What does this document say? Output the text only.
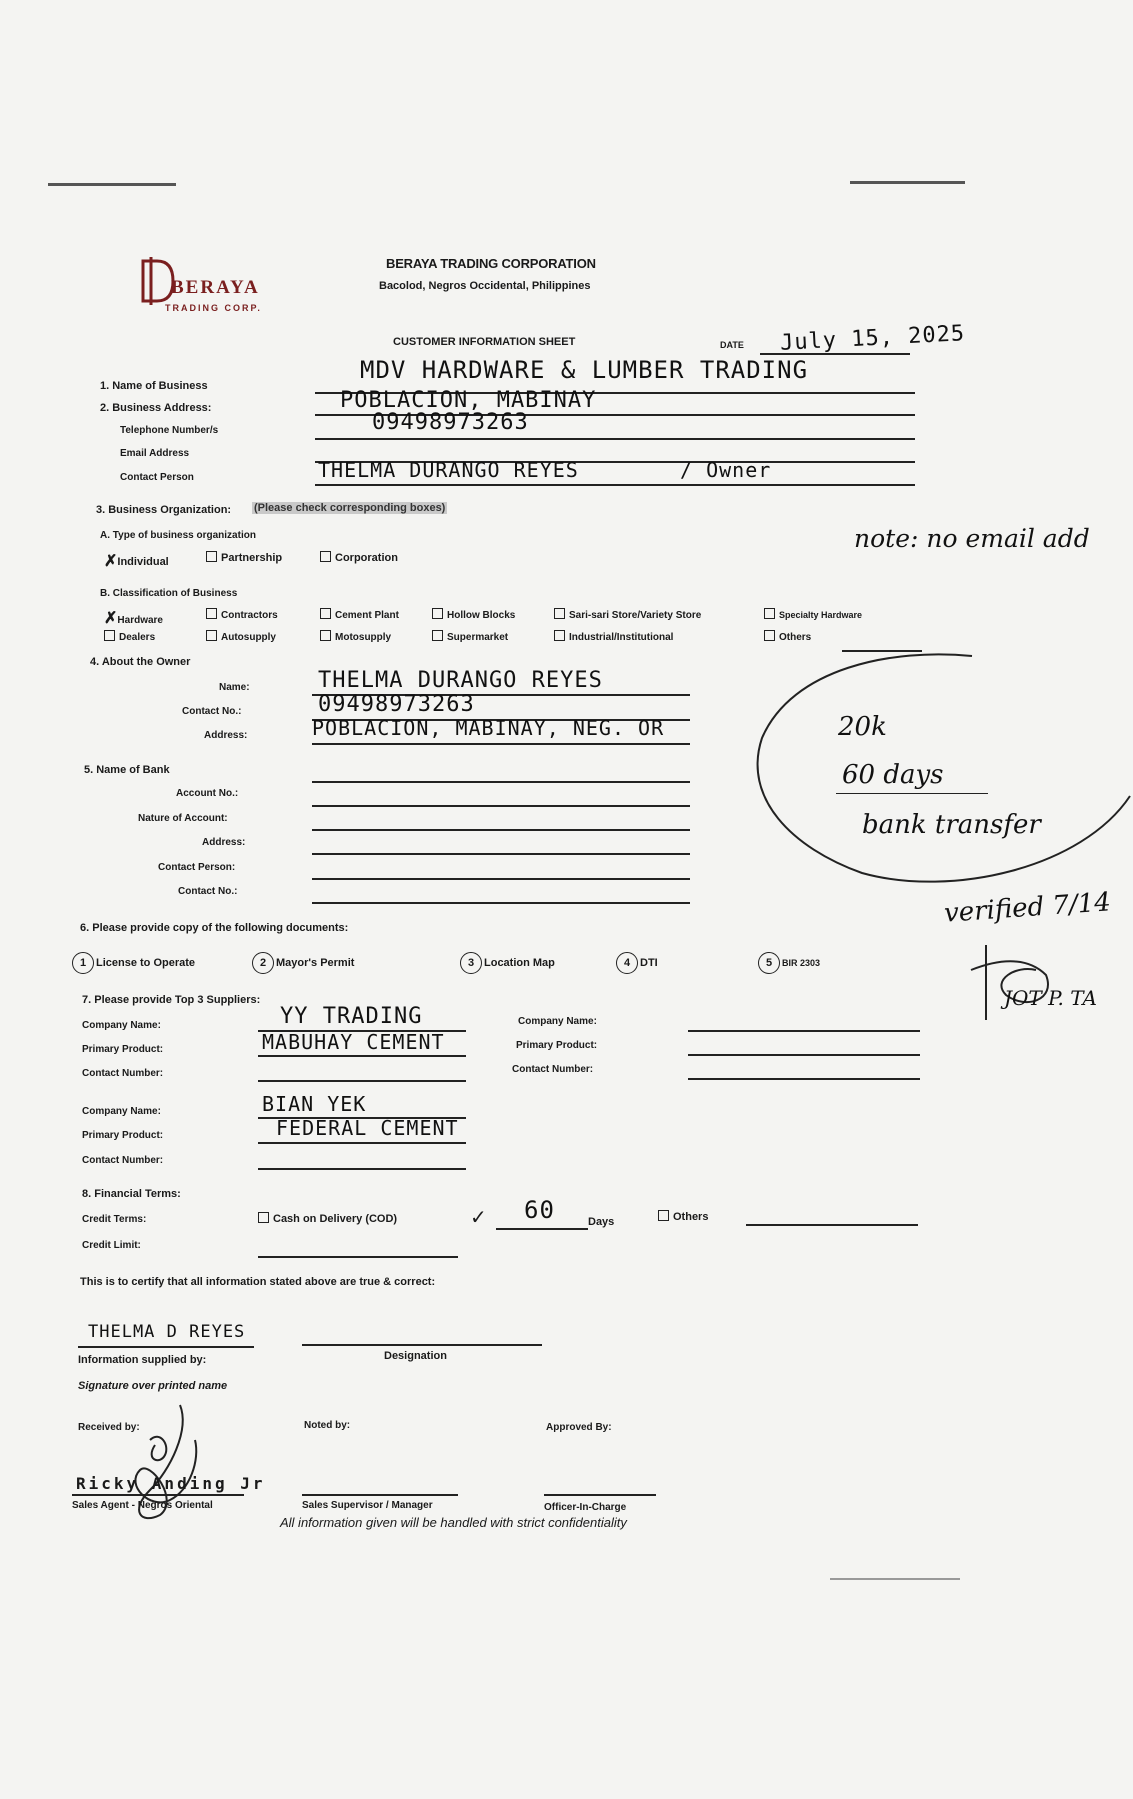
BERAYA
TRADING CORP.
BERAYA TRADING CORPORATION
Bacolod, Negros Occidental, Philippines
CUSTOMER INFORMATION SHEET	DATE July 15, 2025
1. Name of Business
MDV HARDWARE & LUMBER TRADING
2. Business Address:	POBLACION, MABINAY
Telephone Number/s	09498973263
Email Address
Contact Person	THELMA DURANGO REYES	/ Owner
3. Business Organization: (Please check corresponding boxes)
A. Type of business organization
✗Individual	Partnership	Corporation
B. Classification of Business
✗Hardware	Contractors	Cement Plant	Hollow Blocks	Sari-sari Store/Variety Store	Specialty Hardware
Dealers	Autosupply	Motosupply	Supermarket	Industrial/Institutional	Others
4. About the Owner
Name:	THELMA DURANGO REYES
Contact No.:	09498973263
Address:	POBLACION, MABINAY, NEG. OR
5. Name of Bank
Account No.:
Nature of Account:
Address:
Contact Person:
Contact No.:
6. Please provide copy of the following documents:
1 License to Operate	2 Mayor's Permit	3 Location Map	4 DTI	5 BIR 2303
7. Please provide Top 3 Suppliers:
Company Name:	YY TRADING
Primary Product:	MABUHAY CEMENT
Contact Number:
Company Name:
Primary Product:
Contact Number:
Company Name:	BIAN YEK
Primary Product:	FEDERAL CEMENT
Contact Number:
8. Financial Terms:
Credit Terms:	Cash on Delivery (COD)	✓ 60	Days	Others
Credit Limit:
This is to certify that all information stated above are true & correct:
THELMA D REYES
Information supplied by:	Designation
Signature over printed name
Received by:	Noted by:	Approved By:
Ricky Anding Jr
Sales Agent - Negros Oriental	Sales Supervisor / Manager	Officer-In-Charge
All information given will be handled with strict confidentiality
note: no email add
20k
60 days
bank transfer
verified 7/14
JOT P. TA
